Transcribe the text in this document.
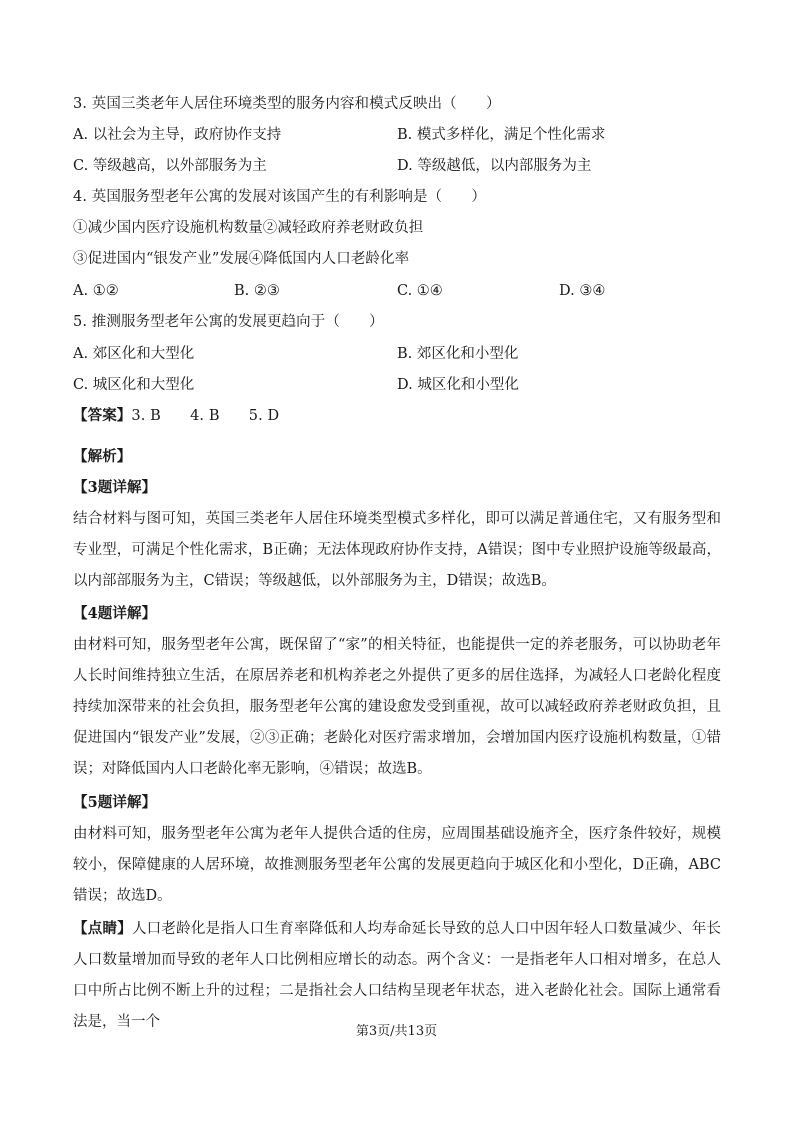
3. 英国三类老年人居住环境类型的服务内容和模式反映出（　　）
A. 以社会为主导，政府协作支持	B. 模式多样化，满足个性化需求
C. 等级越高，以外部服务为主	D. 等级越低，以内部服务为主
4. 英国服务型老年公寓的发展对该国产生的有利影响是（　　）
①减少国内医疗设施机构数量②减轻政府养老财政负担
③促进国内“银发产业”发展④降低国内人口老龄化率
A. ①②	B. ②③	C. ①④	D. ③④
5. 推测服务型老年公寓的发展更趋向于（　　）
A. 郊区化和大型化	B. 郊区化和小型化
C. 城区化和大型化	D. 城区化和小型化
【答案】3. B　　4. B　　5. D
【解析】
【3题详解】
结合材料与图可知，英国三类老年人居住环境类型模式多样化，即可以满足普通住宅，又有服务型和专业型，可满足个性化需求，B正确；无法体现政府协作支持，A错误；图中专业照护设施等级最高，以内部部服务为主，C错误；等级越低，以外部服务为主，D错误；故选B。
【4题详解】
由材料可知，服务型老年公寓，既保留了“家”的相关特征，也能提供一定的养老服务，可以协助老年人长时间维持独立生活，在原居养老和机构养老之外提供了更多的居住选择，为减轻人口老龄化程度持续加深带来的社会负担，服务型老年公寓的建设愈发受到重视，故可以减轻政府养老财政负担，且促进国内“银发产业”发展，②③正确；老龄化对医疗需求增加，会增加国内医疗设施机构数量，①错误；对降低国内人口老龄化率无影响，④错误；故选B。
【5题详解】
由材料可知，服务型老年公寓为老年人提供合适的住房，应周围基础设施齐全，医疗条件较好，规模较小，保障健康的人居环境，故推测服务型老年公寓的发展更趋向于城区化和小型化，D正确，ABC错误；故选D。
【点睛】人口老龄化是指人口生育率降低和人均寿命延长导致的总人口中因年轻人口数量减少、年长人口数量增加而导致的老年人口比例相应增长的动态。两个含义：一是指老年人口相对增多，在总人口中所占比例不断上升的过程；二是指社会人口结构呈现老年状态，进入老龄化社会。国际上通常看法是，当一个
第3页/共13页
